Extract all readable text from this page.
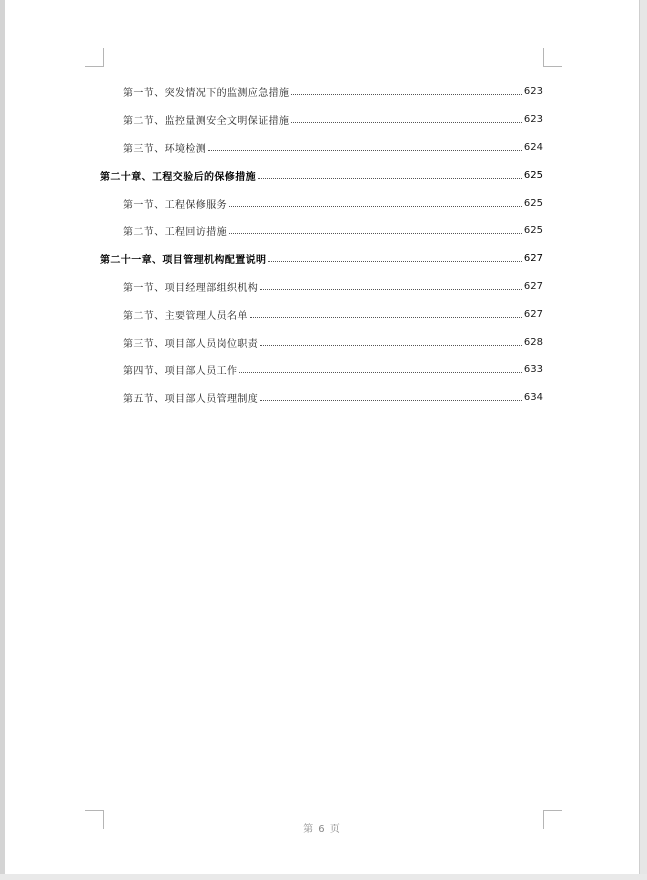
第一节、突发情况下的监测应急措施	623
第二节、监控量测安全文明保证措施	623
第三节、环境检测	624
第二十章、工程交验后的保修措施	625
第一节、工程保修服务	625
第二节、工程回访措施	625
第二十一章、项目管理机构配置说明	627
第一节、项目经理部组织机构	627
第二节、主要管理人员名单	627
第三节、项目部人员岗位职责	628
第四节、项目部人员工作	633
第五节、项目部人员管理制度	634
第 6 页
